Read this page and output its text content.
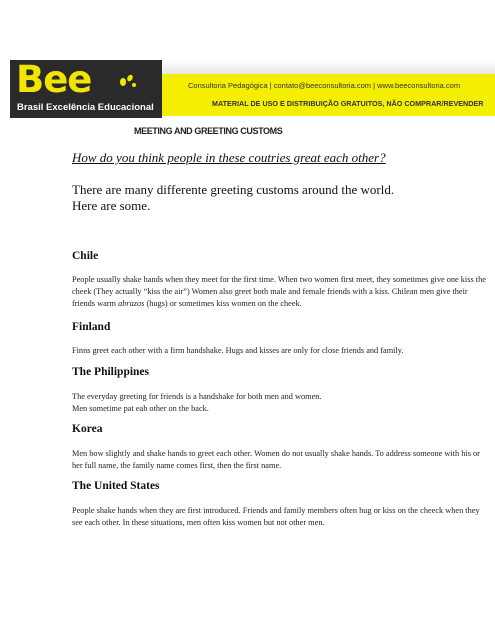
Bee
Brasil Excelência Educacional
Consultoria Pedagógica | contato@beeconsultoria.com | www.beeconsultoria.com
MATERIAL DE USO E DISTRIBUIÇÃO GRATUITOS, NÃO COMPRAR/REVENDER
MEETING AND GREETING CUSTOMS
How do you think people in these coutries great each other?
There are many differente greeting customs around the world.
Here are some.
Chile
People usually shake hands when they meet for the first time. When two women first meet, they sometimes give one kiss the cheek (They actually “kiss the air”) Women also greet both male and female friends with a kiss. Chilean men give their friends warm abrazos (hugs) or sometimes kiss women on the cheek.
Finland
Finns greet each other with a firm handshake. Hugs and kisses are only for close friends and family.
The Philippines
The everyday greeting for friends is a handshake for both men and women.
Men sometime pat eah other on the back.
Korea
Men bow slightly and shake hands to greet each other. Women do not usually shake hands. To address someone with his or her full name, the family name comes first, then the first name.
The United States
People shake hands when they are first introduced. Friends and family members often hug or kiss on the cheeck when they see each other. In these situations, men often kiss women but not other men.
